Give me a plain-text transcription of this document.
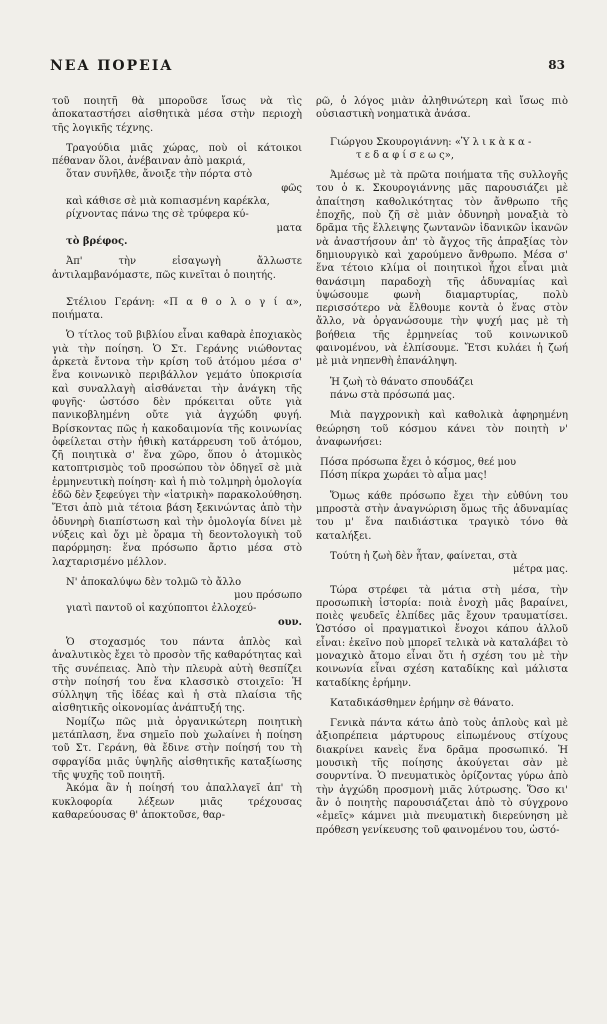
ΝΕΑ ΠΟΡΕΙΑ	83

τοῦ ποιητῆ θὰ μποροῦσε ἴσως νὰ τὶς ἀποκαταστήσει αἰσθητικὰ μέσα στὴν περιοχὴ τῆς λογικῆς τέχνης.

Τραγούδια μιᾶς χώρας, ποὺ οἱ κάτοικοι πέθαναν ὅλοι, ἀνέβαιναν ἀπὸ μακριά,

ὅταν συνῆλθε, ἄνοιξε τὴν πόρτα στὸ
φῶς
καὶ κάθισε σὲ μιὰ κοπιασμένη καρέκλα,
ρίχνοντας πάνω της σὲ τρύφερα κύ-
ματα
τὸ βρέφος.

Ἀπ' τὴν εἰσαγωγὴ ἄλλωστε ἀντιλαμβανόμαστε, πῶς κινεῖται ὁ ποιητής.

Στέλιου Γεράνη: «Π α θ ο λ ο γ ί α», ποιήματα.

Ὁ τίτλος τοῦ βιβλίου εἶναι καθαρὰ ἐποχιακὸς γιὰ τὴν ποίηση. Ὁ Στ. Γεράνης νιώθοντας ἀρκετὰ ἔντονα τὴν κρίση τοῦ ἀτόμου μέσα σ' ἕνα κοινωνικὸ περιβάλλον γεμάτο ὑποκρισία καὶ συναλλαγὴ αἰσθάνεται τὴν ἀνάγκη τῆς φυγῆς· ὡστόσο δὲν πρόκειται οὔτε γιὰ πανικοβλημένη οὔτε γιὰ ἀγχώδη φυγή. Βρίσκοντας πῶς ἡ κακοδαιμονία τῆς κοινωνίας ὀφείλεται στὴν ἠθικὴ κατάρρευση τοῦ ἀτόμου, ζῆ ποιητικὰ σ' ἕνα χῶρο, ὅπου ὁ ἀτομικὸς κατοπτρισμὸς τοῦ προσώπου τὸν ὁδηγεῖ σὲ μιὰ ἑρμηνευτικὴ ποίηση· καὶ ἡ πιὸ τολμηρὴ ὁμολογία ἐδῶ δὲν ξεφεύγει τὴν «ἰατρικὴ» παρακολούθηση. Ἔτσι ἀπὸ μιὰ τέτοια βάση ξεκινώντας ἀπὸ τὴν ὀδυνηρὴ διαπίστωση καὶ τὴν ὁμολογία δίνει μὲ νύξεις καὶ ὄχι μὲ ὅραμα τὴ δεοντολογικὴ τοῦ παρόρμηση: ἕνα πρόσωπο ἄρτιο μέσα στὸ λαχταρισμένο μέλλον.

Ν' ἀποκαλύψω δὲν τολμῶ τὸ ἄλλο
μου πρόσωπο
γιατὶ παντοῦ οἱ καχύποπτοι ἐλλοχεύ-
ουν.

Ὁ στοχασμός του πάντα ἁπλὸς καὶ ἀναλυτικὸς ἔχει τὸ προσὸν τῆς καθαρότητας καὶ τῆς συνέπειας. Ἀπὸ τὴν πλευρὰ αὐτὴ θεσπίζει στὴν ποίησή του ἕνα κλασσικὸ στοιχεῖο: Ἡ σύλληψη τῆς ἰδέας καὶ ἡ στὰ πλαίσια τῆς αἰσθητικῆς οἰκονομίας ἀνάπτυξή της.

Νομίζω πῶς μιὰ ὀργανικώτερη ποιητικὴ μετάπλαση, ἕνα σημεῖο ποὺ χωλαίνει ἡ ποίηση τοῦ Στ. Γεράνη, θὰ ἔδινε στὴν ποίησή του τὴ σφραγίδα μιᾶς ὑψηλῆς αἰσθητικῆς καταξίωσης τῆς ψυχῆς τοῦ ποιητῆ.

Ἀκόμα ἂν ἡ ποίησή του ἀπαλλαγεῖ ἀπ' τὴ κυκλοφορία λέξεων μιᾶς τρέχουσας καθαρεύουσας θ' ἀποκτοῦσε, θαρ-

ρῶ, ὁ λόγος μιὰν ἀληθινώτερη καὶ ἴσως πιὸ οὐσιαστικὴ νοηματικὰ ἀνάσα.

Γιώργου Σκουρογιάννη: «Ὑ λ ι κ ὰ κ α -

τ ε δ α φ ί σ ε ω ς»,

Ἀμέσως μὲ τὰ πρῶτα ποιήματα τῆς συλλογῆς του ὁ κ. Σκουρογιάννης μᾶς παρουσιάζει μὲ ἀπαίτηση καθολικότητας τὸν ἄνθρωπο τῆς ἐποχῆς, ποὺ ζῆ σὲ μιὰν ὀδυνηρὴ μοναξιὰ τὸ δρᾶμα τῆς ἔλλειψης ζωντανῶν ἰδανικῶν ἱκανῶν νὰ ἀναστήσουν ἀπ' τὸ ἄγχος τῆς ἀπραξίας τὸν δημιουργικὸ καὶ χαρούμενο ἄνθρωπο. Μέσα σ' ἕνα τέτοιο κλίμα οἱ ποιητικοὶ ἦχοι εἶναι μιὰ θανάσιμη παραδοχὴ τῆς ἀδυναμίας καὶ ὑψώσουμε φωνὴ διαμαρτυρίας, πολὺ περισσότερο νὰ ἔλθουμε κοντὰ ὁ ἕνας στὸν ἄλλο, νὰ ὀργανώσουμε τὴν ψυχή μας μὲ τὴ βοήθεια τῆς ἑρμηνείας τοῦ κοινωνικοῦ φαινομένου, νὰ ἐλπίσουμε. Ἔτσι κυλάει ἡ ζωή μὲ μιὰ νηπενθὴ ἐπανάληψη.

Ἡ ζωὴ τὸ θάνατο σπουδάζει
πάνω στὰ πρόσωπά μας.

Μιὰ παγχρονικὴ καὶ καθολικὰ ἀφηρημένη θεώρηση τοῦ κόσμου κάνει τὸν ποιητὴ ν' ἀναφωνήσει:

Πόσα πρόσωπα ἔχει ὁ κόσμος, θεέ μου
Πόση πίκρα χωράει τὸ αἷμα μας!

Ὅμως κάθε πρόσωπο ἔχει τὴν εὐθύνη του μπροστὰ στὴν ἀναγνώριση ὅμως τῆς ἀδυναμίας του μ' ἕνα παιδιάστικα τραγικὸ τόνο θὰ καταλήξει.

Τούτη ἡ ζωὴ δὲν ἦταν, φαίνεται, στὰ
μέτρα μας.

Τώρα στρέφει τὰ μάτια στὴ μέσα, τὴν προσωπικὴ ἱστορία: ποιὰ ἐνοχὴ μᾶς βαραίνει, ποιὲς ψευδεῖς ἐλπίδες μᾶς ἔχουν τραυματίσει. Ὡστόσο οἱ πραγματικοὶ ἔνοχοι κάπου ἀλλοῦ εἶναι: ἐκεῖνο ποὺ μπορεῖ τελικὰ νὰ καταλάβει τὸ μοναχικὸ ἄτομο εἶναι ὅτι ἡ σχέση του μὲ τὴν κοινωνία εἶναι σχέση καταδίκης καὶ μάλιστα καταδίκης ἐρήμην.

Καταδικάσθημεν ἐρήμην σὲ θάνατο.

Γενικὰ πάντα κάτω ἀπὸ τοὺς ἁπλοὺς καὶ μὲ ἀξιοπρέπεια μάρτυρους εἰπωμένους στίχους διακρίνει κανεὶς ἕνα δρᾶμα προσωπικό. Ἡ μουσικὴ τῆς ποίησης ἀκούγεται σὰν μὲ σουρντίνα. Ὁ πνευματικὸς ὁρίζοντας γύρω ἀπὸ τὴν ἀγχώδη προσμονὴ μιᾶς λύτρωσης. Ὅσο κι' ἂν ὁ ποιητὴς παρουσιάζεται ἀπὸ τὸ σύγχρονο «ἐμεῖς» κάμνει μιὰ πνευματικὴ διερεύνηση μὲ πρόθεση γενίκευσης τοῦ φαινομένου του, ὡστό-
